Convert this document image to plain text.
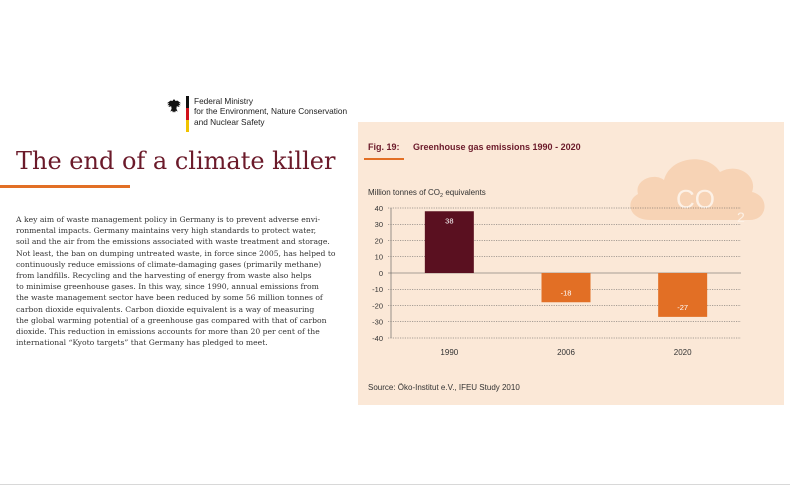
Federal Ministry
for the Environment, Nature Conservation
and Nuclear Safety
The end of a climate killer
A key aim of waste management policy in Germany is to prevent adverse envi-
ronmental impacts. Germany maintains very high standards to protect water,
soil and the air from the emissions associated with waste treatment and storage.
Not least, the ban on dumping untreated waste, in force since 2005, has helped to
continuously reduce emissions of climate-damaging gases (primarily methane)
from landfills. Recycling and the harvesting of energy from waste also helps
to minimise greenhouse gases. In this way, since 1990, annual emissions from
the waste management sector have been reduced by some 56 million tonnes of
carbon dioxide equivalents. Carbon dioxide equivalent is a way of measuring
the global warming potential of a greenhouse gas compared with that of carbon
dioxide. This reduction in emissions accounts for more than 20 per cent of the
international “Kyoto targets” that Germany has pledged to meet.
CO
2
Fig. 19: Greenhouse gas emissions 1990 - 2020
Million tonnes of $CO_2$ equivalents
40
30
20
10
0
-10
-20
-30
-40
38
-18
-27
1990	2006	2020
Source: Öko-Institut e.V., IFEU Study 2010
